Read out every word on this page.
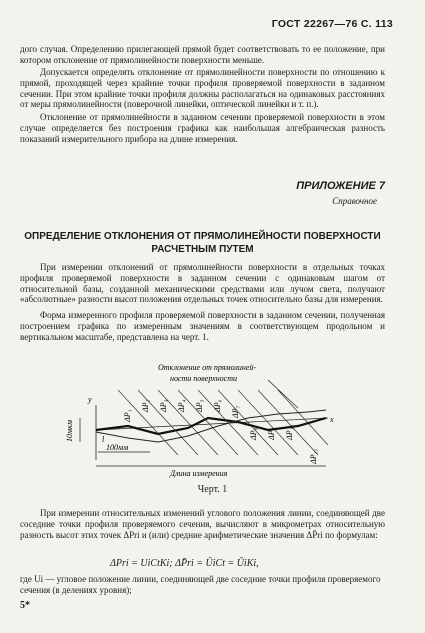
ГОСТ 22267—76 С. 113
дого случая. Определению прилегающей прямой будет соответствовать то ее положение, при котором отклонение от прямолинейности поверхности меньше.
Допускается определять отклонение от прямолинейности поверхности по отношению к прямой, проходящей через крайние точки профиля проверяемой поверхности в заданном сечении. При этом крайние точки профиля должны располагаться на одинаковых расстояниях от меры прямолинейности (поверочной линейки, оптической линейки и т. п.).
Отклонение от прямолинейности в заданном сечении проверяемой поверхности в этом случае определяется без построения графика как наибольшая алгебраическая разность показаний измерительного прибора на длине измерения.
ПРИЛОЖЕНИЕ 7
Справочное
ОПРЕДЕЛЕНИЕ ОТКЛОНЕНИЯ ОТ ПРЯМОЛИНЕЙНОСТИ ПОВЕРХНОСТИ РАСЧЕТНЫМ ПУТЕМ
При измерении отклонений от прямолинейности поверхности в отдельных точках профиля проверяемой поверхности в заданном сечении с одинаковым шагом от относительной базы, созданной механическими средствами или лучом света, получают «абсолютные» разности высот положения отдельных точек относительно базы для измерения.
Форма измеренного профиля проверяемой поверхности в заданном сечении, полученная построением графика по измеренным значениям в соответствующем продольном и вертикальном масштабе, представлена на черт. 1.
Отклонение от прямолиней-
ности поверхности
y
x
10мкм
100мм
ΔP₁
ΔP₂ ΔP₃ ΔP₄ ΔP₅ ΔP₆ ΔP₇
ΔP₈ ΔP₉ ΔP₁₀
ΔP₁₁
l
Длина измерения
Черт. 1
При измерении относительных изменений углового положения линии, соединяющей две соседние точки профиля проверяемого сечения, вычисляют в микрометрах относительную разность высот этих точек ΔPri и (или) средние арифметические значения ΔP̄ri по формулам:
ΔPri = UiCtKi; ΔP̄ri = ŪiCt = ŪiKi,
где Ui — угловое положение линии, соединяющей две соседние точки профиля проверяемого сечения (в делениях уровня);
5*
